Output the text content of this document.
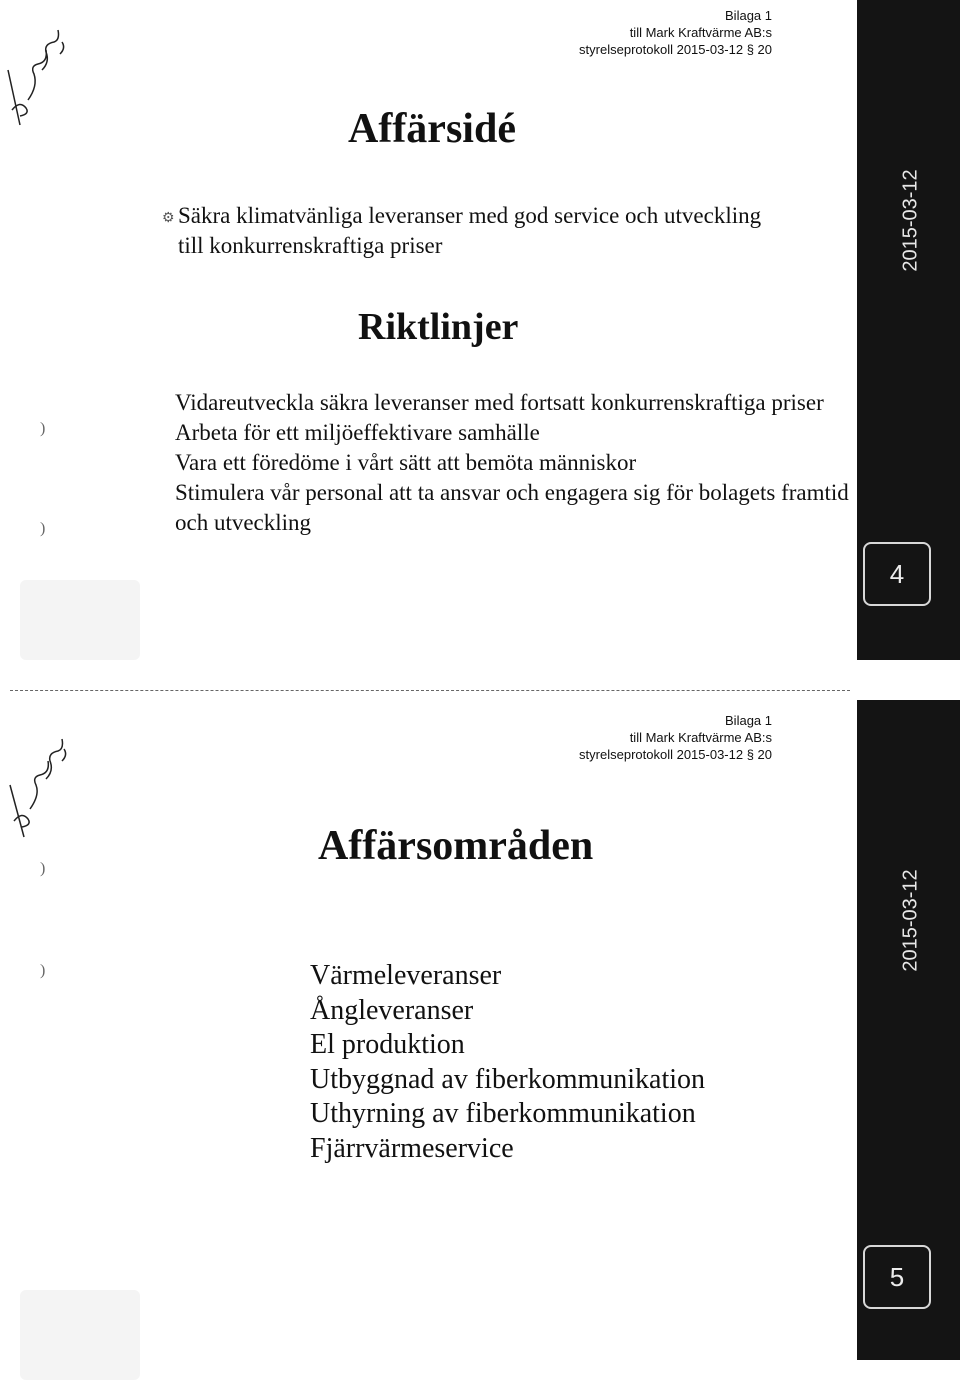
Bilaga 1
till Mark Kraftvärme AB:s
styrelseprotokoll 2015-03-12 § 20
Affärsidé
⚙ Säkra klimatvänliga leveranser med god service och utveckling till konkurrenskraftiga priser
Riktlinjer
)
)
Vidareutveckla säkra leveranser med fortsatt konkurrenskraftiga priser
Arbeta för ett miljöeffektivare samhälle
Vara ett föredöme i vårt sätt att bemöta människor
Stimulera vår personal att ta ansvar och engagera sig för bolagets framtid och utveckling
2015-03-12
4
Bilaga 1
till Mark Kraftvärme AB:s
styrelseprotokoll 2015-03-12 § 20
Affärsområden
)
)	Värmeleveranser
Ångleveranser
El produktion
Utbyggnad av fiberkommunikation
Uthyrning av fiberkommunikation
Fjärrvärmeservice
2015-03-12
5
